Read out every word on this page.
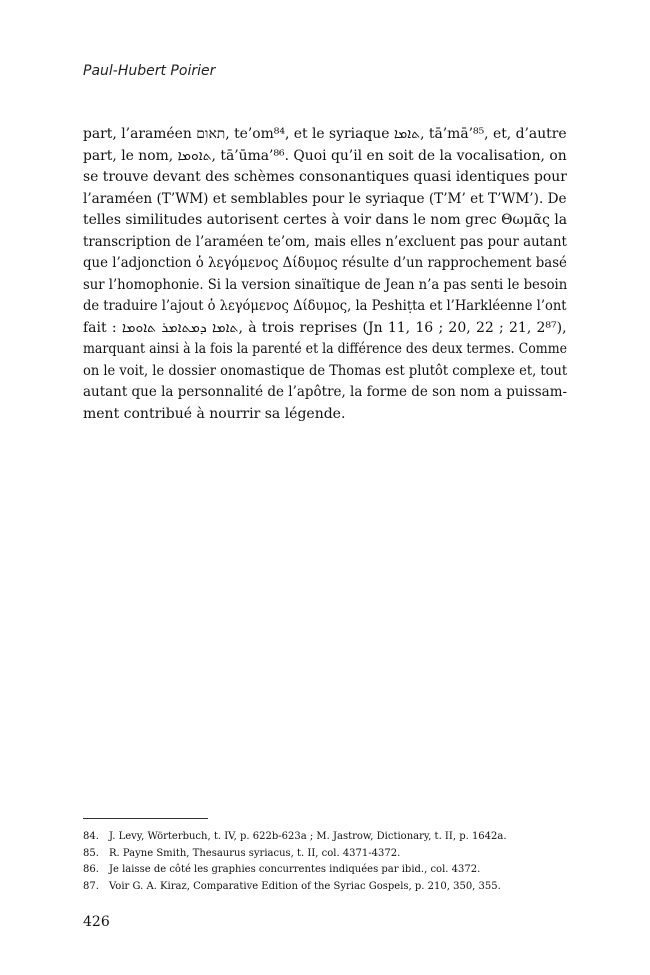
Paul-Hubert Poirier
part, l’araméen תאום, te’om⁸⁴, et le syriaque ܬܐܡܐ, tā’mā’⁸⁵, et, d’autre
part, le nom, ܬܐܘܡܐ, tā’ūma’⁸⁶. Quoi qu’il en soit de la vocalisation, on
se trouve devant des schèmes consonantiques quasi identiques pour
l’araméen (T’WM) et semblables pour le syriaque (T’M’ et T’WM’). De
telles similitudes autorisent certes à voir dans le nom grec Θωμᾶς la
transcription de l’araméen te’om, mais elles n’excluent pas pour autant
que l’adjonction ὁ λεγόμενος Δίδυμος résulte d’un rapprochement basé
sur l’homophonie. Si la version sinaïtique de Jean n’a pas senti le besoin
de traduire l’ajout ὁ λεγόμενος Δίδυμος, la Peshiṭta et l’Harkléenne l’ont
fait : ܬܐܡܐ ܕܡܬܐܡܪ ܬܐܘܡܐ, à trois reprises (Jn 11, 16 ; 20, 22 ; 21, 2⁸⁷),
marquant ainsi à la fois la parenté et la différence des deux termes. Comme
on le voit, le dossier onomastique de Thomas est plutôt complexe et, tout
autant que la personnalité de l’apôtre, la forme de son nom a puissam-
ment contribué à nourrir sa légende.
84. J. Levy, Wörterbuch, t. IV, p. 622b-623a ; M. Jastrow, Dictionary, t. II, p. 1642a.
85. R. Payne Smith, Thesaurus syriacus, t. II, col. 4371-4372.
86. Je laisse de côté les graphies concurrentes indiquées par ibid., col. 4372.
87. Voir G. A. Kiraz, Comparative Edition of the Syriac Gospels, p. 210, 350, 355.
426
